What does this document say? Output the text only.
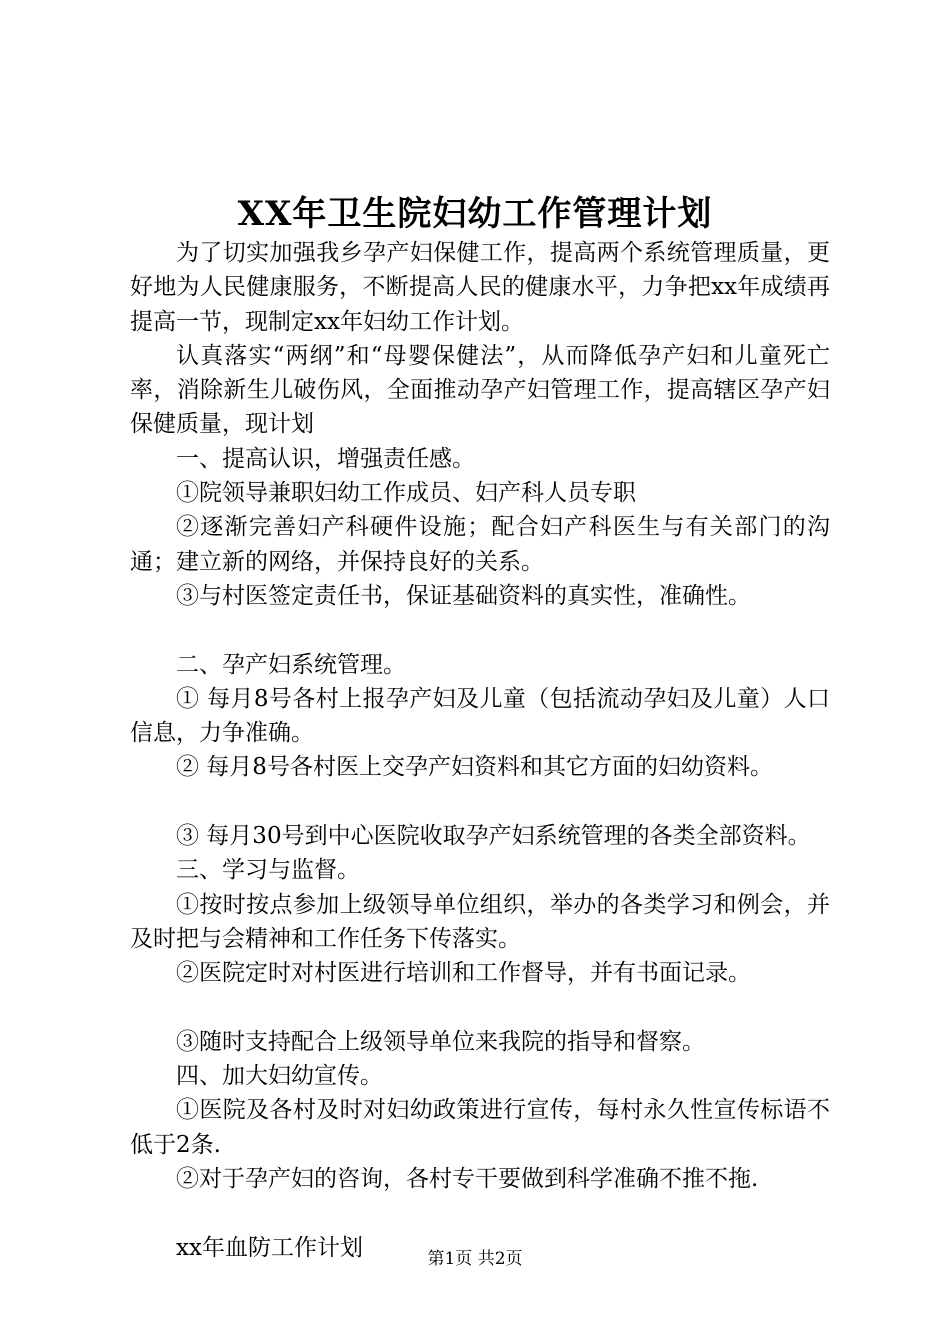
XX年卫生院妇幼工作管理计划

为了切实加强我乡孕产妇保健工作，提高两个系统管理质量，更好地为人民健康服务，不断提高人民的健康水平，力争把xx年成绩再提高一节，现制定xx年妇幼工作计划。

认真落实“两纲”和“母婴保健法”，从而降低孕产妇和儿童死亡率，消除新生儿破伤风，全面推动孕产妇管理工作，提高辖区孕产妇保健质量，现计划

一、提高认识，增强责任感。

①院领导兼职妇幼工作成员、妇产科人员专职

②逐渐完善妇产科硬件设施；配合妇产科医生与有关部门的沟通；建立新的网络，并保持良好的关系。

③与村医签定责任书，保证基础资料的真实性，准确性。

二、孕产妇系统管理。

① 每月8号各村上报孕产妇及儿童（包括流动孕妇及儿童）人口信息，力争准确。

② 每月8号各村医上交孕产妇资料和其它方面的妇幼资料。

③ 每月30号到中心医院收取孕产妇系统管理的各类全部资料。

三、学习与监督。

①按时按点参加上级领导单位组织，举办的各类学习和例会，并及时把与会精神和工作任务下传落实。

②医院定时对村医进行培训和工作督导，并有书面记录。

③随时支持配合上级领导单位来我院的指导和督察。

四、加大妇幼宣传。

①医院及各村及时对妇幼政策进行宣传，每村永久性宣传标语不低于2条.

②对于孕产妇的咨询，各村专干要做到科学准确不推不拖.

xx年血防工作计划	第1页 共2页
